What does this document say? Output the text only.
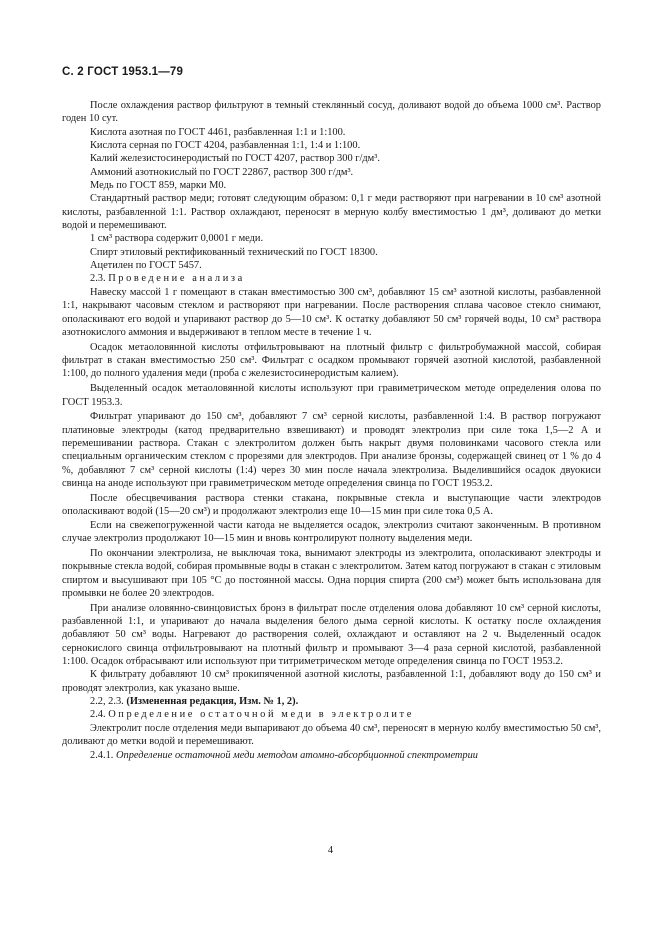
С. 2 ГОСТ 1953.1—79

После охлаждения раствор фильтруют в темный стеклянный сосуд, доливают водой до объема 1000 см³. Раствор годен 10 сут.

Кислота азотная по ГОСТ 4461, разбавленная 1:1 и 1:100.

Кислота серная по ГОСТ 4204, разбавленная 1:1, 1:4 и 1:100.

Калий железистосинеродистый по ГОСТ 4207, раствор 300 г/дм³.

Аммоний азотнокислый по ГОСТ 22867, раствор 300 г/дм³.

Медь по ГОСТ 859, марки М0.

Стандартный раствор меди; готовят следующим образом: 0,1 г меди растворяют при нагревании в 10 см³ азотной кислоты, разбавленной 1:1. Раствор охлаждают, переносят в мерную колбу вместимостью 1 дм³, доливают до метки водой и перемешивают.

1 см³ раствора содержит 0,0001 г меди.

Спирт этиловый ректификованный технический по ГОСТ 18300.

Ацетилен по ГОСТ 5457.

2.3. Проведение анализа

Навеску массой 1 г помещают в стакан вместимостью 300 см³, добавляют 15 см³ азотной кислоты, разбавленной 1:1, накрывают часовым стеклом и растворяют при нагревании. После растворения сплава часовое стекло снимают, ополаскивают его водой и упаривают раствор до 5—10 см³. К остатку добавляют 50 см³ горячей воды, 10 см³ раствора азотнокислого аммония и выдерживают в теплом месте в течение 1 ч.

Осадок метаоловянной кислоты отфильтровывают на плотный фильтр с фильтробумажной массой, собирая фильтрат в стакан вместимостью 250 см³. Фильтрат с осадком промывают горячей азотной кислотой, разбавленной 1:100, до полного удаления меди (проба с железистосинеродистым калием).

Выделенный осадок метаоловянной кислоты используют при гравиметрическом методе определения олова по ГОСТ 1953.3.

Фильтрат упаривают до 150 см³, добавляют 7 см³ серной кислоты, разбавленной 1:4. В раствор погружают платиновые электроды (катод предварительно взвешивают) и проводят электролиз при силе тока 1,5—2 А и перемешивании раствора. Стакан с электролитом должен быть накрыт двумя половинками часового стекла или специальным органическим стеклом с прорезями для электродов. При анализе бронзы, содержащей свинец от 1 % до 4 %, добавляют 7 см³ серной кислоты (1:4) через 30 мин после начала электролиза. Выделившийся осадок двуокиси свинца на аноде используют при гравиметрическом методе определения свинца по ГОСТ 1953.2.

После обесцвечивания раствора стенки стакана, покрывные стекла и выступающие части электродов ополаскивают водой (15—20 см³) и продолжают электролиз еще 10—15 мин при силе тока 0,5 А.

Если на свежепогруженной части катода не выделяется осадок, электролиз считают законченным. В противном случае электролиз продолжают 10—15 мин и вновь контролируют полноту выделения меди.

По окончании электролиза, не выключая тока, вынимают электроды из электролита, ополаскивают электроды и покрывные стекла водой, собирая промывные воды в стакан с электролитом. Затем катод погружают в стакан с этиловым спиртом и высушивают при 105 °С до постоянной массы. Одна порция спирта (200 см³) может быть использована для промывки не более 20 электродов.

При анализе оловянно-свинцовистых бронз в фильтрат после отделения олова добавляют 10 см³ серной кислоты, разбавленной 1:1, и упаривают до начала выделения белого дыма серной кислоты. К остатку после охлаждения добавляют 50 см³ воды. Нагревают до растворения солей, охлаждают и оставляют на 2 ч. Выделенный осадок сернокислого свинца отфильтровывают на плотный фильтр и промывают 3—4 раза серной кислотой, разбавленной 1:100. Осадок отбрасывают или используют при титриметрическом методе определения свинца по ГОСТ 1953.2.

К фильтрату добавляют 10 см³ прокипяченной азотной кислоты, разбавленной 1:1, добавляют воду до 150 см³ и проводят электролиз, как указано выше.

2.2, 2.3. (Измененная редакция, Изм. № 1, 2).

2.4. Определение остаточной меди в электролите

Электролит после отделения меди выпаривают до объема 40 см³, переносят в мерную колбу вместимостью 50 см³, доливают до метки водой и перемешивают.

2.4.1. Определение остаточной меди методом атомно-абсорбционной спектрометрии

4
